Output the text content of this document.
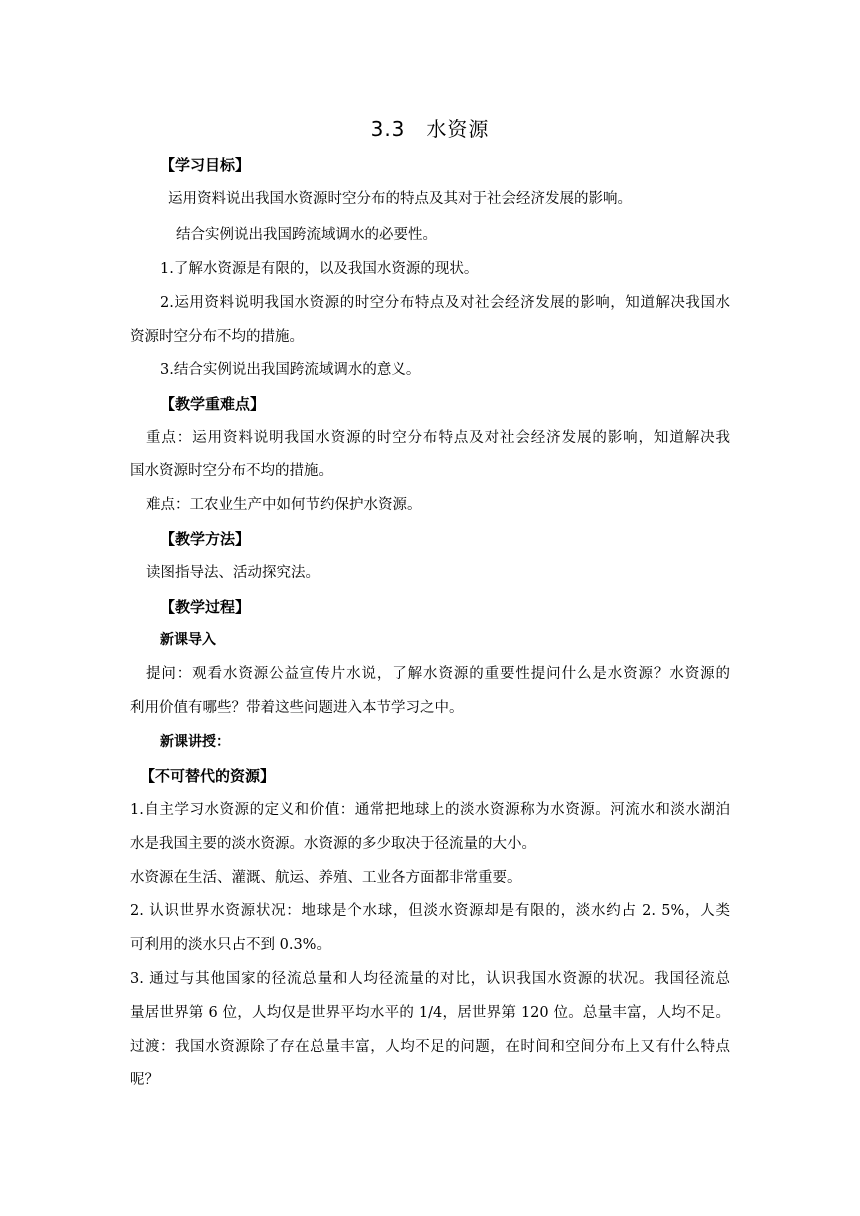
3.3　水资源
【学习目标】
运用资料说出我国水资源时空分布的特点及其对于社会经济发展的影响。
结合实例说出我国跨流域调水的必要性。
1.了解水资源是有限的，以及我国水资源的现状。
2.运用资料说明我国水资源的时空分布特点及对社会经济发展的影响，知道解决我国水
资源时空分布不均的措施。
3.结合实例说出我国跨流域调水的意义。
【教学重难点】
重点：运用资料说明我国水资源的时空分布特点及对社会经济发展的影响，知道解决我
国水资源时空分布不均的措施。
难点：工农业生产中如何节约保护水资源。
【教学方法】
读图指导法、活动探究法。
【教学过程】
新课导入
提问：观看水资源公益宣传片水说，了解水资源的重要性提问什么是水资源？水资源的
利用价值有哪些？带着这些问题进入本节学习之中。
新课讲授：
【不可替代的资源】
1.自主学习水资源的定义和价值：通常把地球上的淡水资源称为水资源。河流水和淡水湖泊
水是我国主要的淡水资源。水资源的多少取决于径流量的大小。
水资源在生活、灌溉、航运、养殖、工业各方面都非常重要。
2. 认识世界水资源状况：地球是个水球，但淡水资源却是有限的，淡水约占 2. 5%，人类
可利用的淡水只占不到 0.3%。
3. 通过与其他国家的径流总量和人均径流量的对比，认识我国水资源的状况。我国径流总
量居世界第 6 位，人均仅是世界平均水平的 1/4，居世界第 120 位。总量丰富，人均不足。
过渡：我国水资源除了存在总量丰富，人均不足的问题，在时间和空间分布上又有什么特点
呢？
